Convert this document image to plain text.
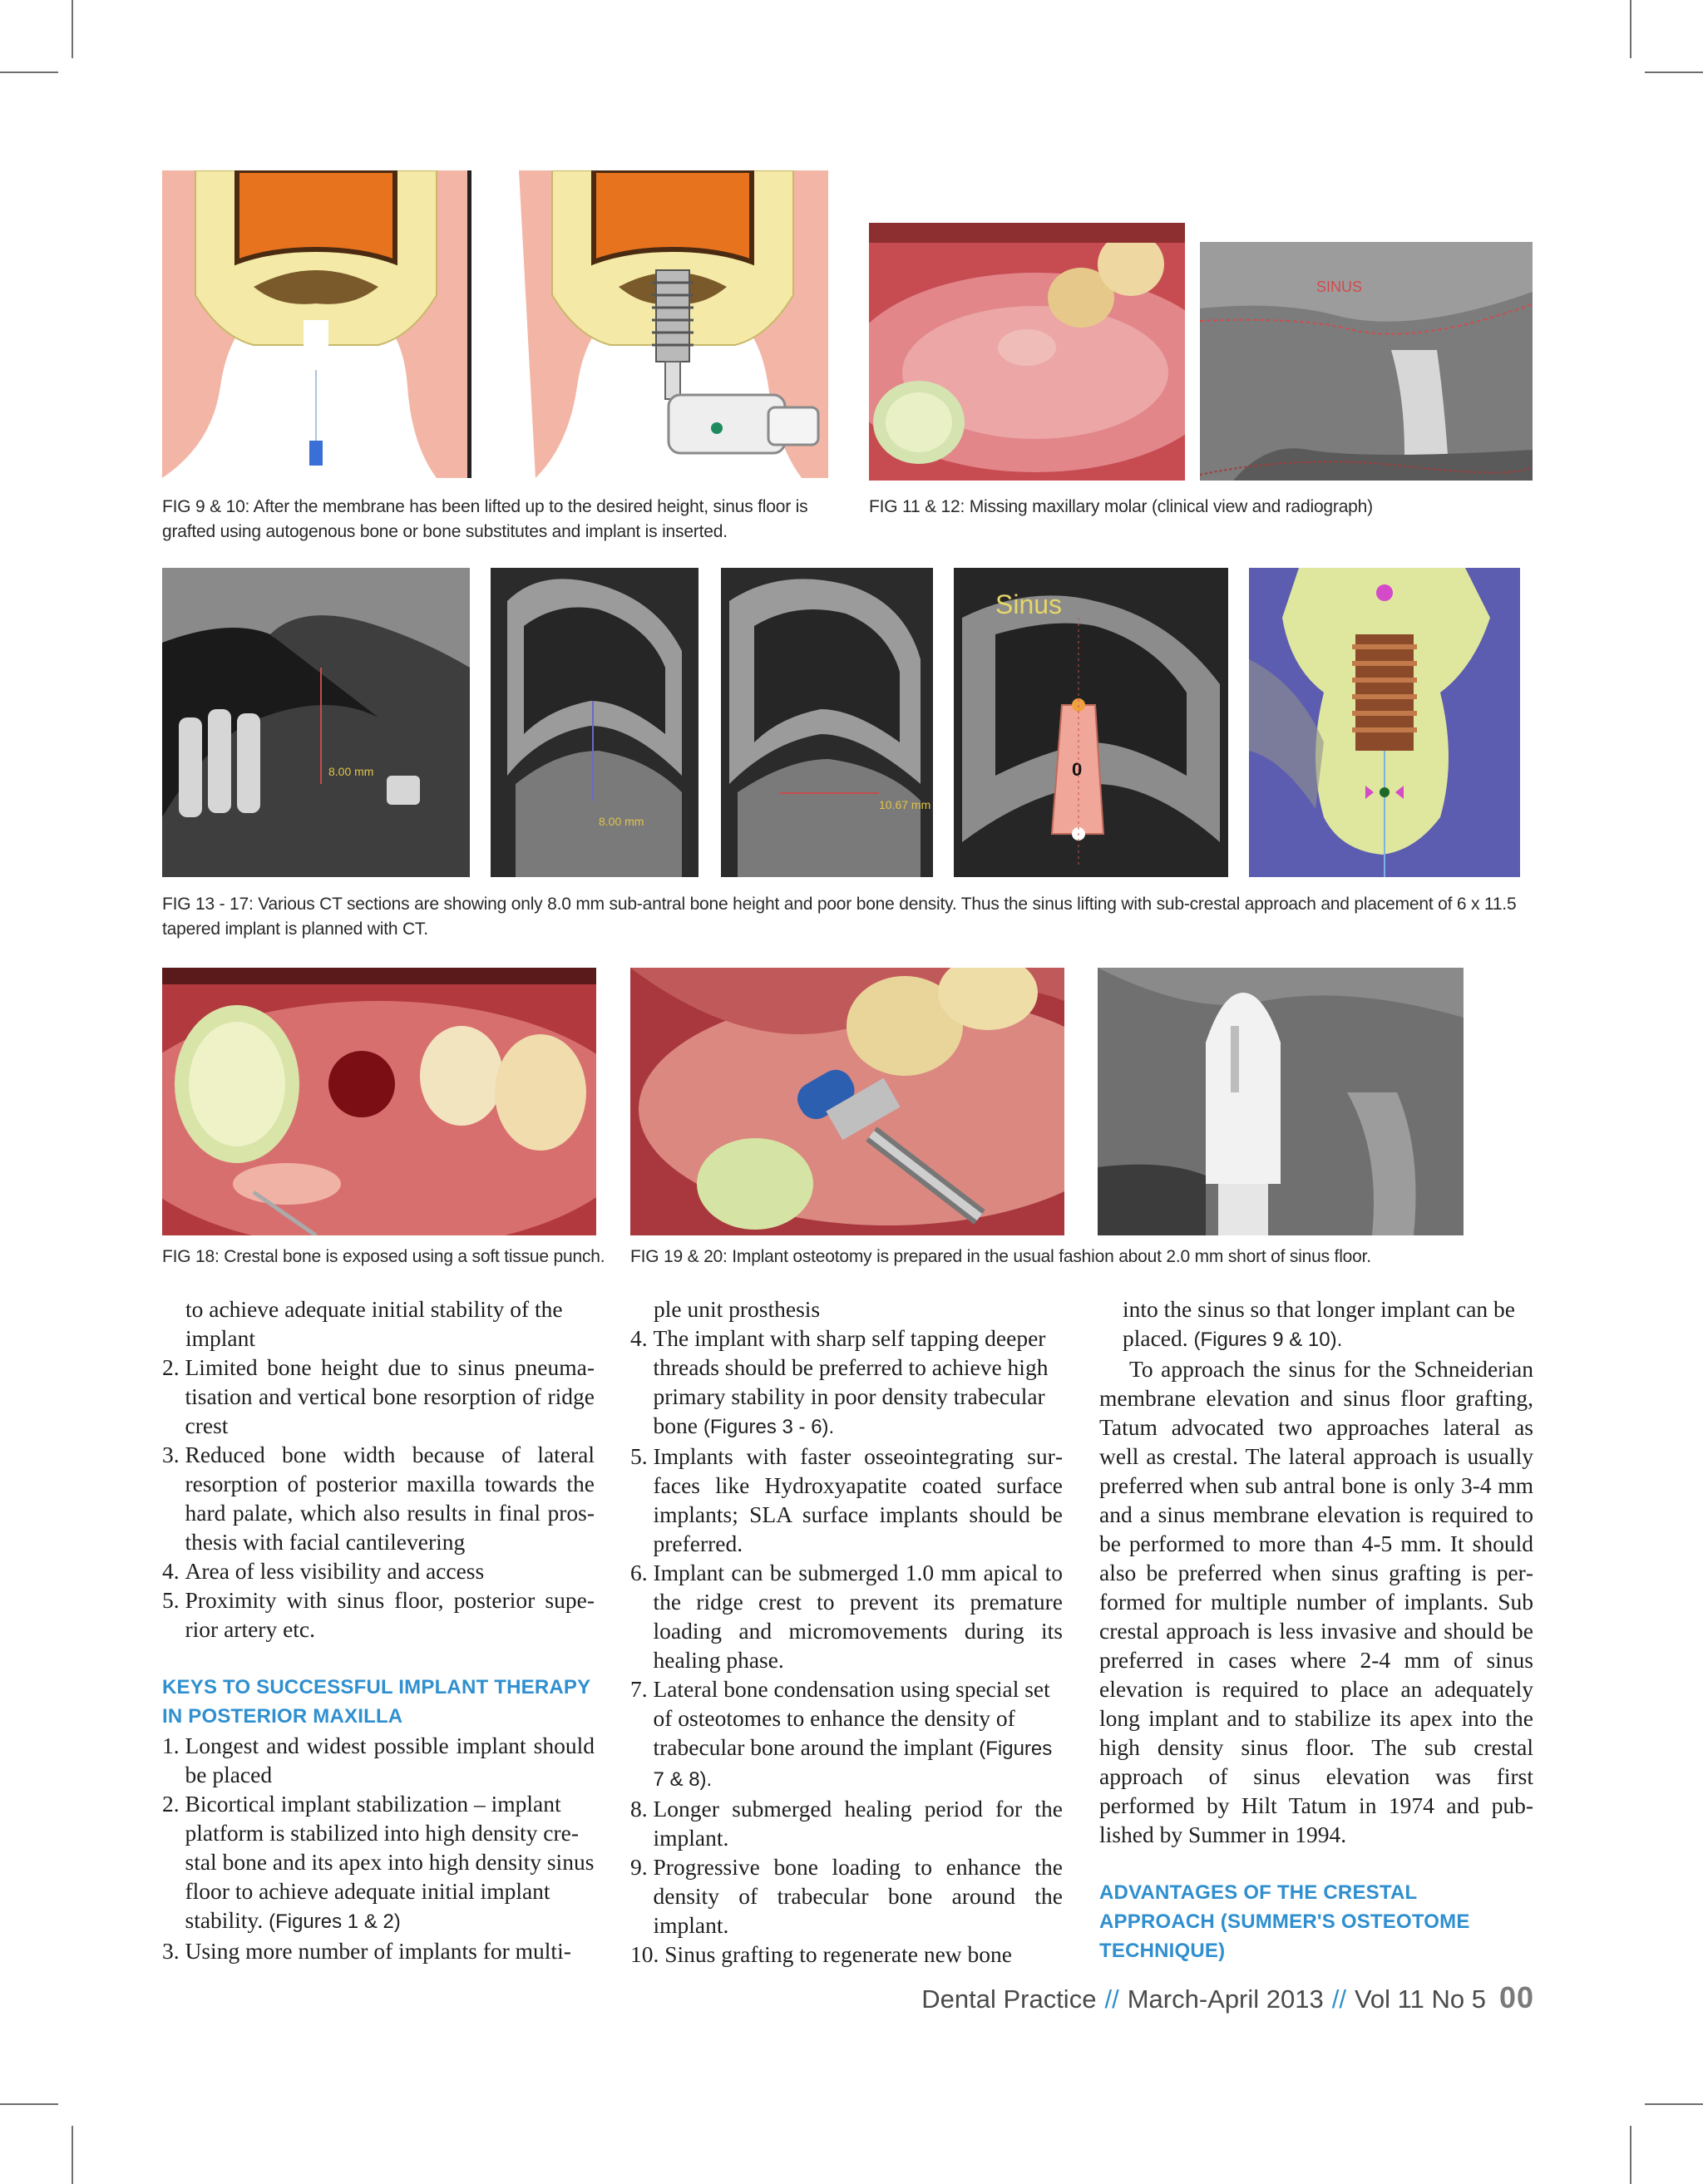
SINUS
FIG 9 & 10: After the membrane has been lifted up to the desired height, sinus floor is grafted using autogenous bone or bone substitutes and implant is inserted.
FIG 11 & 12: Missing maxillary molar (clinical view and radiograph)
8.00 mm
8.00 mm
10.67 mm
Sinus
0
FIG 13 - 17: Various CT sections are showing only 8.0 mm sub-antral bone height and poor bone density. Thus the sinus lifting with sub-crestal approach and placement of 6 x 11.5 tapered implant is planned with CT.
FIG 18: Crestal bone is exposed using a soft tissue punch.	FIG 19 & 20: Implant osteotomy is prepared in the usual fashion about 2.0 mm short of sinus floor.

to achieve adequate initial stability of the implant

2. Limited bone height due to sinus pneumatisation and vertical bone resorption of ridge crest
3. Reduced bone width because of lateral resorption of posterior maxilla towards the hard palate, which also results in final prosthesis with facial cantilevering
4. Area of less visibility and access
5. Proximity with sinus floor, posterior superior artery etc.
KEYS TO SUCCESSFUL IMPLANT THERAPY IN POSTERIOR MAXILLA
1. Longest and widest possible implant should be placed
2. Bicortical implant stabilization – implant platform is stabilized into high density crestal bone and its apex into high density sinus floor to achieve adequate initial implant stability. (Figures 1 & 2)
3. Using more number of implants for multi-

ple unit prosthesis

4. The implant with sharp self tapping deeper threads should be preferred to achieve high primary stability in poor density trabecular bone (Figures 3 - 6).
5. Implants with faster osseointegrating surfaces like Hydroxyapatite coated surface implants; SLA surface implants should be preferred.
6. Implant can be submerged 1.0 mm apical to the ridge crest to prevent its premature loading and micromovements during its healing phase.
7. Lateral bone condensation using special set of osteotomes to enhance the density of trabecular bone around the implant (Figures 7 & 8).
8. Longer submerged healing period for the implant.
9. Progressive bone loading to enhance the density of trabecular bone around the implant.
10. Sinus grafting to regenerate new bone

into the sinus so that longer implant can be placed. (Figures 9 & 10).

To approach the sinus for the Schneiderian membrane elevation and sinus floor grafting, Tatum advocated two approaches lateral as well as crestal. The lateral approach is usually preferred when sub antral bone is only 3-4 mm and a sinus membrane elevation is required to be performed to more than 4-5 mm. It should also be preferred when sinus grafting is performed for multiple number of implants. Sub crestal approach is less invasive and should be preferred in cases where 2-4 mm of sinus elevation is required to place an adequately long implant and to stabilize its apex into the high density sinus floor. The sub crestal approach of sinus elevation was first performed by Hilt Tatum in 1974 and published by Summer in 1994.

ADVANTAGES OF THE CRESTAL APPROACH (SUMMER'S OSTEOTOME TECHNIQUE)
Dental Practice // March-April 2013 // Vol 11 No 5 00
